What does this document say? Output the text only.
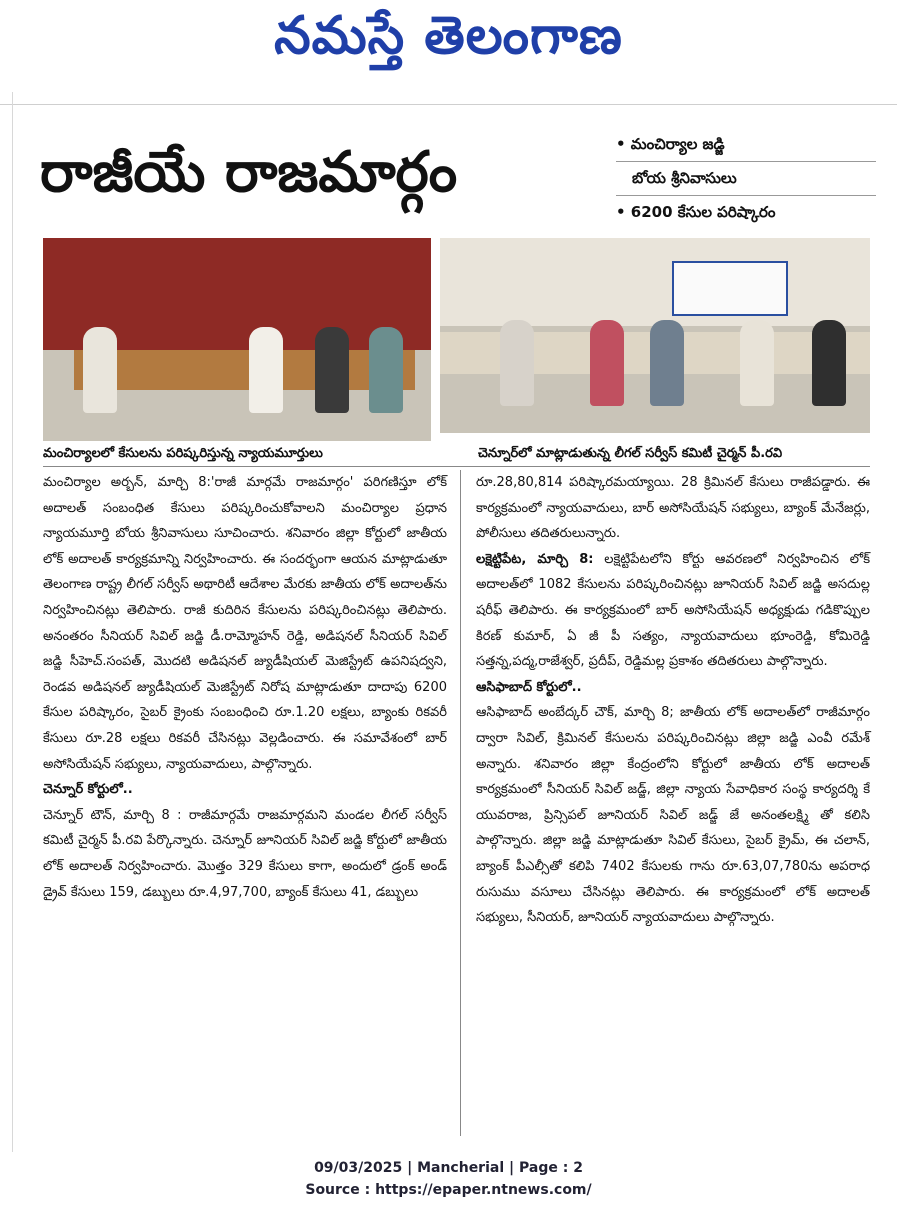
నమస్తే తెలంగాణ
రాజీయే రాజమార్గం	• మంచిర్యాల జడ్జి
బోయ శ్రీనివాసులు
• 6200 కేసుల పరిష్కారం
మంచిర్యాలలో కేసులను పరిష్కరిస్తున్న న్యాయమూర్తులు	చెన్నూర్‌లో మాట్లాడుతున్న లీగల్ సర్వీస్ కమిటీ చైర్మన్ పీ.రవి

మంచిర్యాల అర్బన్, మార్చి 8:'రాజీ మార్గమే రాజమార్గం' పరిగణిస్తూ లోక్ అదాలత్ సంబంధిత కేసులు పరిష్కరించుకోవాలని మంచిర్యాల ప్రధాన న్యాయమూర్తి బోయ శ్రీనివాసులు సూచించారు. శనివారం జిల్లా కోర్టులో జాతీయ లోక్ అదాలత్ కార్యక్రమాన్ని నిర్వహించారు. ఈ సందర్భంగా ఆయన మాట్లాడుతూ తెలంగాణ రాష్ట్ర లీగల్ సర్వీస్ అథారిటీ ఆదేశాల మేరకు జాతీయ లోక్ అదాలత్‌ను నిర్వహించినట్లు తెలిపారు. రాజీ కుదిరిన కేసులను పరిష్కరించినట్లు తెలిపారు. అనంతరం సీనియర్ సివిల్ జడ్జి డీ.రామ్మోహన్ రెడ్డి, అడిషనల్ సీనియర్ సివిల్ జడ్జి సీహెచ్.సంపత్, మొదటి అడిషనల్ జ్యుడీషియల్ మెజిస్ట్రేట్ ఉపనిషద్వని, రెండవ అడిషనల్ జ్యుడీషియల్ మెజిస్ట్రేట్ నిరోష మాట్లాడుతూ దాదాపు 6200 కేసుల పరిష్కారం, సైబర్ క్రైంకు సంబంధించి రూ.1.20 లక్షలు, బ్యాంకు రికవరీ కేసులు రూ.28 లక్షలు రికవరీ చేసినట్లు వెల్లడించారు. ఈ సమావేశంలో బార్ అసోసియేషన్ సభ్యులు, న్యాయవాదులు, పాల్గొన్నారు.

చెన్నూర్ కోర్టులో..

చెన్నూర్ టౌన్, మార్చి 8 : రాజీమార్గమే రాజమార్గమని మండల లీగల్ సర్వీస్ కమిటీ చైర్మన్ పీ.రవి పేర్కొన్నారు. చెన్నూర్ జూనియర్ సివిల్ జడ్జి కోర్టులో జాతీయ లోక్ అదాలత్ నిర్వహించారు. మొత్తం 329 కేసులు కాగా, అందులో డ్రంక్ అండ్ డ్రైవ్ కేసులు 159, డబ్బులు రూ.4,97,700, బ్యాంక్ కేసులు 41, డబ్బులు

రూ.28,80,814 పరిష్కారమయ్యాయి. 28 క్రిమినల్ కేసులు రాజీపడ్డారు. ఈ కార్యక్రమంలో న్యాయవాదులు, బార్ అసోసియేషన్ సభ్యులు, బ్యాంక్ మేనేజర్లు, పోలీసులు తదితరులున్నారు.

లక్షెట్టిపేట, మార్చి 8: లక్షెట్టిపేటలోని కోర్టు ఆవరణలో నిర్వహించిన లోక్ అదాలత్‌లో 1082 కేసులను పరిష్కరించినట్లు జూనియర్ సివిల్ జడ్జి అసదుల్ల షరీఫ్ తెలిపారు. ఈ కార్యక్రమంలో బార్ అసోసియేషన్ అధ్యక్షుడు గడికొప్పుల కిరణ్ కుమార్, ఏ జీ పీ సత్యం, న్యాయవాదులు భూంరెడ్డి, కోమిరెడ్డి సత్తన్న,పద్మ,రాజేశ్వర్, ప్రదీప్, రెడ్డిమల్ల ప్రకాశం తదితరులు పాల్గొన్నారు.

ఆసిఫాబాద్ కోర్టులో..

ఆసిఫాబాద్ అంబేద్కర్ చౌక్, మార్చి 8; జాతీయ లోక్ అదాలత్‌లో రాజీమార్గం ద్వారా సివిల్, క్రిమినల్ కేసులను పరిష్కరించినట్లు జిల్లా జడ్జి ఎంవీ రమేశ్ అన్నారు. శనివారం జిల్లా కేంద్రంలోని కోర్టులో జాతీయ లోక్ అదాలత్ కార్యక్రమంలో సీనియర్ సివిల్ జడ్జ్, జిల్లా న్యాయ సేవాధికార సంస్థ కార్యదర్శి కే యువరాజ, ప్రిన్సిపల్ జూనియర్ సివిల్ జడ్జ్ జే అనంతలక్ష్మి తో కలిసి పాల్గొన్నారు. జిల్లా జడ్జి మాట్లాడుతూ సివిల్ కేసులు, సైబర్ క్రైమ్, ఈ చలాన్, బ్యాంక్ పీఎల్సీతో కలిపి 7402 కేసులకు గాను రూ.63,07,780ను అపరాధ రుసుము వసూలు చేసినట్లు తెలిపారు. ఈ కార్యక్రమంలో లోక్ అదాలత్ సభ్యులు, సీనియర్, జూనియర్ న్యాయవాదులు పాల్గొన్నారు.

09/03/2025 | Mancherial | Page : 2
Source : https://epaper.ntnews.com/
